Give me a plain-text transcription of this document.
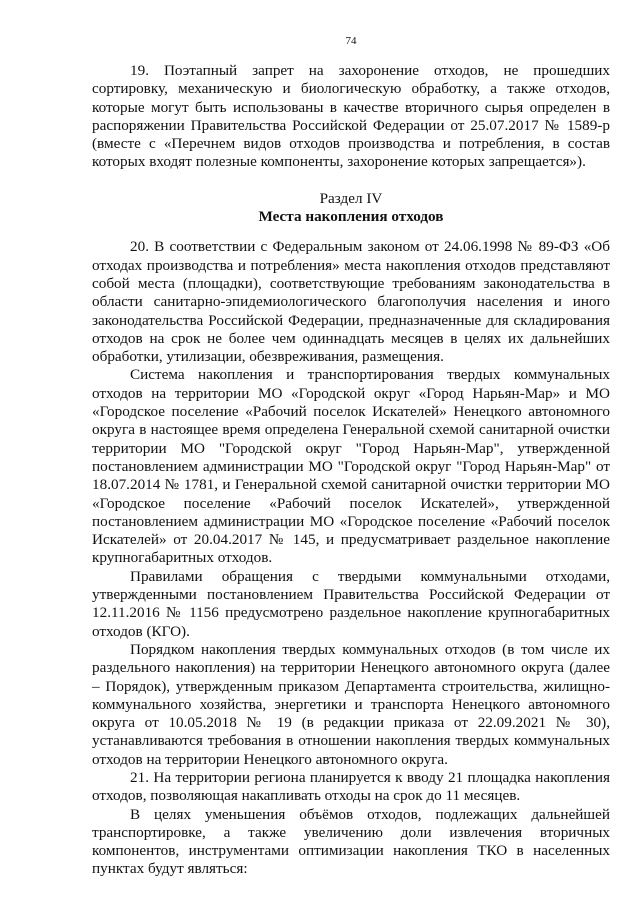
74

19. Поэтапный запрет на захоронение отходов, не прошедших сортировку, механическую и биологическую обработку, а также отходов, которые могут быть использованы в качестве вторичного сырья определен в распоряжении Правительства Российской Федерации от 25.07.2017 № 1589-р (вместе с «Перечнем видов отходов производства и потребления, в состав которых входят полезные компоненты, захоронение которых запрещается»).

Раздел IV
Места накопления отходов

20. В соответствии с Федеральным законом от 24.06.1998 № 89-ФЗ «Об отходах производства и потребления» места накопления отходов представляют собой места (площадки), соответствующие требованиям законодательства в области санитарно-эпидемиологического благополучия населения и иного законодательства Российской Федерации, предназначенные для складирования отходов на срок не более чем одиннадцать месяцев в целях их дальнейших обработки, утилизации, обезвреживания, размещения.

Система накопления и транспортирования твердых коммунальных отходов на территории МО «Городской округ «Город Нарьян-Мар» и МО «Городское поселение «Рабочий поселок Искателей» Ненецкого автономного округа в настоящее время определена Генеральной схемой санитарной очистки территории МО "Городской округ "Город Нарьян-Мар", утвержденной постановлением администрации МО "Городской округ "Город Нарьян-Мар" от 18.07.2014 № 1781, и Генеральной схемой санитарной очистки территории МО «Городское поселение «Рабочий поселок Искателей», утвержденной постановлением администрации МО «Городское поселение «Рабочий поселок Искателей» от 20.04.2017 № 145, и предусматривает раздельное накопление крупногабаритных отходов.

Правилами обращения с твердыми коммунальными отходами, утвержденными постановлением Правительства Российской Федерации от 12.11.2016 № 1156 предусмотрено раздельное накопление крупногабаритных отходов (КГО).

Порядком накопления твердых коммунальных отходов (в том числе их раздельного накопления) на территории Ненецкого автономного округа (далее – Порядок), утвержденным приказом Департамента строительства, жилищно-коммунального хозяйства, энергетики и транспорта Ненецкого автономного округа от 10.05.2018 № 19 (в редакции приказа от 22.09.2021 № 30), устанавливаются требования в отношении накопления твердых коммунальных отходов на территории Ненецкого автономного округа.

21. На территории региона планируется к вводу 21 площадка накопления отходов, позволяющая накапливать отходы на срок до 11 месяцев.

В целях уменьшения объёмов отходов, подлежащих дальнейшей транспортировке, а также увеличению доли извлечения вторичных компонентов, инструментами оптимизации накопления ТКО в населенных пунктах будут являться:
